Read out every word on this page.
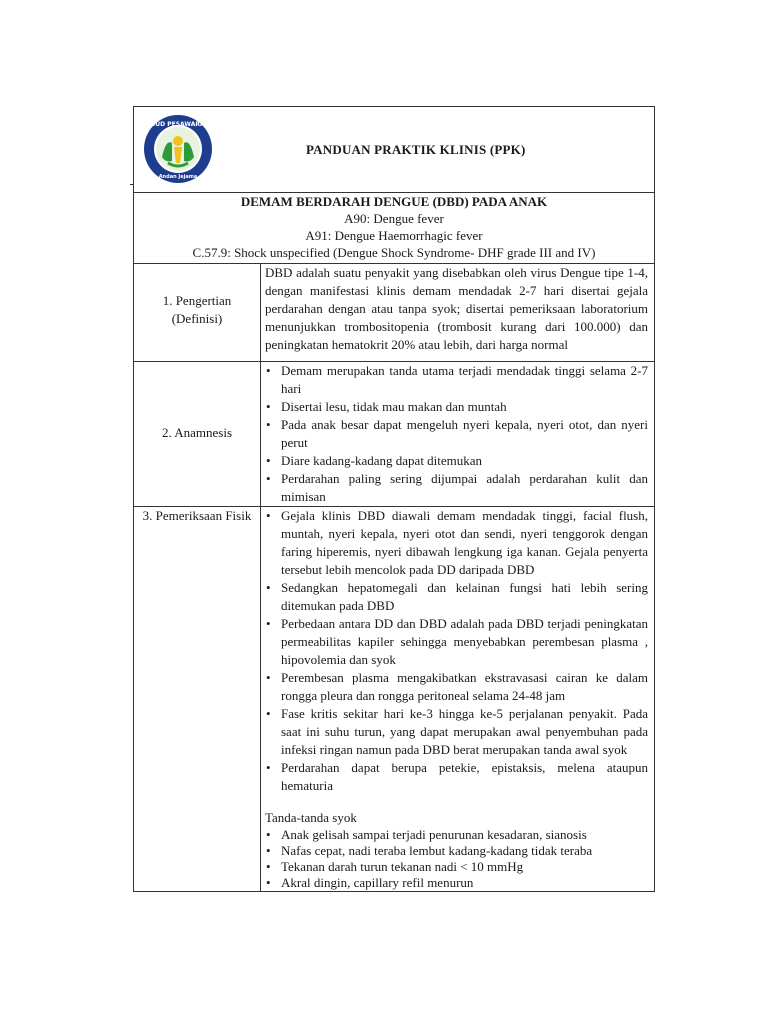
RSUD PESAWARAN
Andan Jejama
PANDUAN PRAKTIK KLINIS (PPK)
DEMAM BERDARAH DENGUE (DBD) PADA ANAK
A90: Dengue fever
A91: Dengue Haemorrhagic fever
C.57.9: Shock unspecified (Dengue Shock Syndrome- DHF grade III and IV)
1. Pengertian (Definisi)

DBD adalah suatu penyakit yang disebabkan oleh virus Dengue tipe 1-4, dengan manifestasi klinis demam mendadak 2-7 hari disertai gejala perdarahan dengan atau tanpa syok; disertai pemeriksaan laboratorium menunjukkan trombositopenia (trombosit kurang dari 100.000) dan peningkatan hematokrit 20% atau lebih, dari harga normal

2. Anamnesis
• Demam merupakan tanda utama terjadi mendadak tinggi selama 2-7 hari
• Disertai lesu, tidak mau makan dan muntah
• Pada anak besar dapat mengeluh nyeri kepala, nyeri otot, dan nyeri perut
• Diare kadang-kadang dapat ditemukan
• Perdarahan paling sering dijumpai adalah perdarahan kulit dan mimisan
3. Pemeriksaan Fisik	• Gejala klinis DBD diawali demam mendadak tinggi, facial flush, muntah, nyeri kepala, nyeri otot dan sendi, nyeri tenggorok dengan faring hiperemis, nyeri dibawah lengkung iga kanan. Gejala penyerta tersebut lebih mencolok pada DD daripada DBD
• Sedangkan hepatomegali dan kelainan fungsi hati lebih sering ditemukan pada DBD
• Perbedaan antara DD dan DBD adalah pada DBD terjadi peningkatan permeabilitas kapiler sehingga menyebabkan perembesan plasma , hipovolemia dan syok
• Perembesan plasma mengakibatkan ekstravasasi cairan ke dalam rongga pleura dan rongga peritoneal selama 24-48 jam
• Fase kritis sekitar hari ke-3 hingga ke-5 perjalanan penyakit. Pada saat ini suhu turun, yang dapat merupakan awal penyembuhan pada infeksi ringan namun pada DBD berat merupakan tanda awal syok
• Perdarahan dapat berupa petekie, epistaksis, melena ataupun hematuria

Tanda-tanda syok

• Anak gelisah sampai terjadi penurunan kesadaran, sianosis
• Nafas cepat, nadi teraba lembut kadang-kadang tidak teraba
• Tekanan darah turun tekanan nadi < 10 mmHg
• Akral dingin, capillary refil menurun
